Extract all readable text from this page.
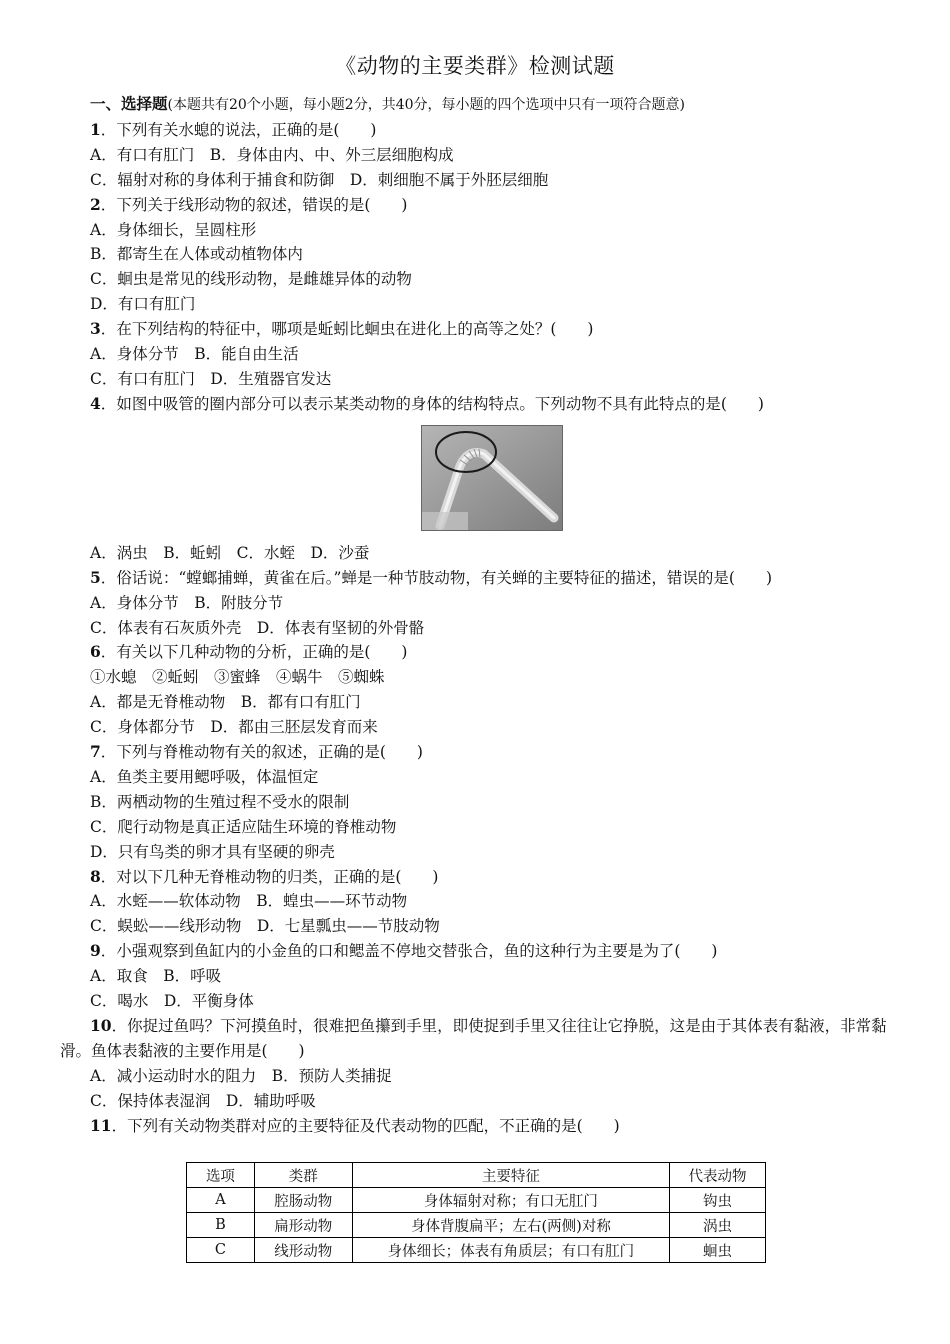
《动物的主要类群》检测试题
一、选择题(本题共有20个小题，每小题2分，共40分，每小题的四个选项中只有一项符合题意)
1．下列有关水螅的说法，正确的是(　　)
A．有口有肛门　B．身体由内、中、外三层细胞构成
C．辐射对称的身体利于捕食和防御　D．刺细胞不属于外胚层细胞
2．下列关于线形动物的叙述，错误的是(　　)
A．身体细长，呈圆柱形
B．都寄生在人体或动植物体内
C．蛔虫是常见的线形动物，是雌雄异体的动物
D．有口有肛门
3．在下列结构的特征中，哪项是蚯蚓比蛔虫在进化上的高等之处？(　　)
A．身体分节　B．能自由生活
C．有口有肛门　D．生殖器官发达
4．如图中吸管的圈内部分可以表示某类动物的身体的结构特点。下列动物不具有此特点的是(　　)
A．涡虫　B．蚯蚓　C．水蛭　D．沙蚕
5．俗话说：“螳螂捕蝉，黄雀在后。”蝉是一种节肢动物，有关蝉的主要特征的描述，错误的是(　　)
A．身体分节　B．附肢分节
C．体表有石灰质外壳　D．体表有坚韧的外骨骼
6．有关以下几种动物的分析，正确的是(　　)
①水螅　②蚯蚓　③蜜蜂　④蜗牛　⑤蜘蛛
A．都是无脊椎动物　B．都有口有肛门
C．身体都分节　D．都由三胚层发育而来
7．下列与脊椎动物有关的叙述，正确的是(　　)
A．鱼类主要用鳃呼吸，体温恒定
B．两栖动物的生殖过程不受水的限制
C．爬行动物是真正适应陆生环境的脊椎动物
D．只有鸟类的卵才具有坚硬的卵壳
8．对以下几种无脊椎动物的归类，正确的是(　　)
A．水蛭——软体动物　B．蝗虫——环节动物
C．蜈蚣——线形动物　D．七星瓢虫——节肢动物
9．小强观察到鱼缸内的小金鱼的口和鳃盖不停地交替张合，鱼的这种行为主要是为了(　　)
A．取食　B．呼吸
C．喝水　D．平衡身体
10．你捉过鱼吗？下河摸鱼时，很难把鱼攥到手里，即使捉到手里又往往让它挣脱，这是由于其体表有黏液，非常黏滑。鱼体表黏液的主要作用是(　　)
A．减小运动时水的阻力　B．预防人类捕捉
C．保持体表湿润　D．辅助呼吸
11．下列有关动物类群对应的主要特征及代表动物的匹配，不正确的是(　　)
选项	类群	主要特征	代表动物
A	腔肠动物	身体辐射对称；有口无肛门	钩虫
B	扁形动物	身体背腹扁平；左右(两侧)对称	涡虫
C	线形动物	身体细长；体表有角质层；有口有肛门	蛔虫
